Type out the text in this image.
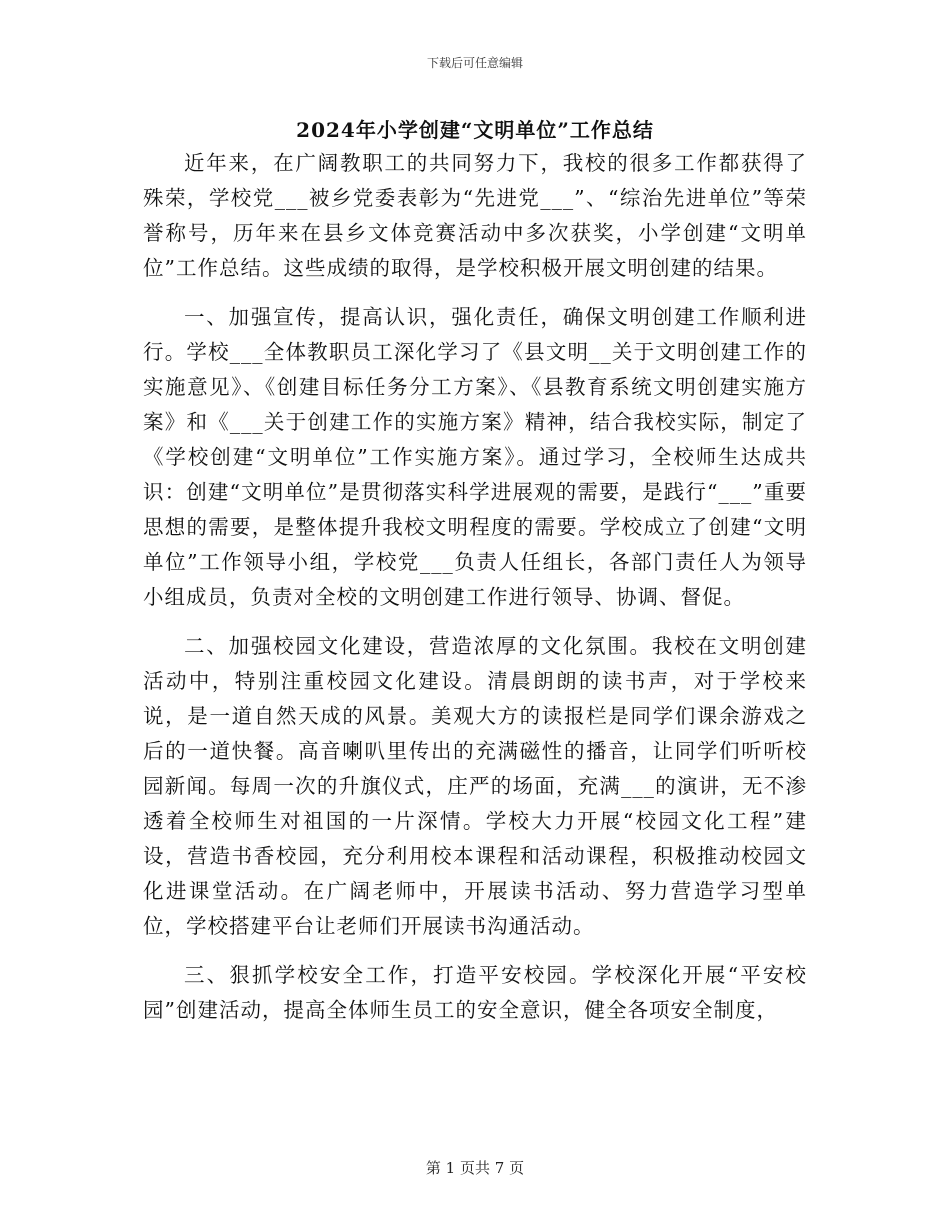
下载后可任意编辑
2024年小学创建“文明单位”工作总结

近年来，在广阔教职工的共同努力下，我校的很多工作都获得了殊荣，学校党___被乡党委表彰为“先进党___”、“综治先进单位”等荣誉称号，历年来在县乡文体竞赛活动中多次获奖，小学创建“文明单位”工作总结。这些成绩的取得，是学校积极开展文明创建的结果。

一、加强宣传，提高认识，强化责任，确保文明创建工作顺利进行。学校___全体教职员工深化学习了《县文明__关于文明创建工作的实施意见》、《创建目标任务分工方案》、《县教育系统文明创建实施方案》和《___关于创建工作的实施方案》精神，结合我校实际，制定了《学校创建“文明单位”工作实施方案》。通过学习，全校师生达成共识：创建“文明单位”是贯彻落实科学进展观的需要，是践行“___”重要思想的需要，是整体提升我校文明程度的需要。学校成立了创建“文明单位”工作领导小组，学校党___负责人任组长，各部门责任人为领导小组成员，负责对全校的文明创建工作进行领导、协调、督促。

二、加强校园文化建设，营造浓厚的文化氛围。我校在文明创建活动中，特别注重校园文化建设。清晨朗朗的读书声，对于学校来说，是一道自然天成的风景。美观大方的读报栏是同学们课余游戏之后的一道快餐。高音喇叭里传出的充满磁性的播音，让同学们听听校园新闻。每周一次的升旗仪式，庄严的场面，充满___的演讲，无不渗透着全校师生对祖国的一片深情。学校大力开展“校园文化工程”建设，营造书香校园，充分利用校本课程和活动课程，积极推动校园文化进课堂活动。在广阔老师中，开展读书活动、努力营造学习型单位，学校搭建平台让老师们开展读书沟通活动。

三、狠抓学校安全工作，打造平安校园。学校深化开展“平安校园”创建活动，提高全体师生员工的安全意识，健全各项安全制度，

第 1 页共 7 页
